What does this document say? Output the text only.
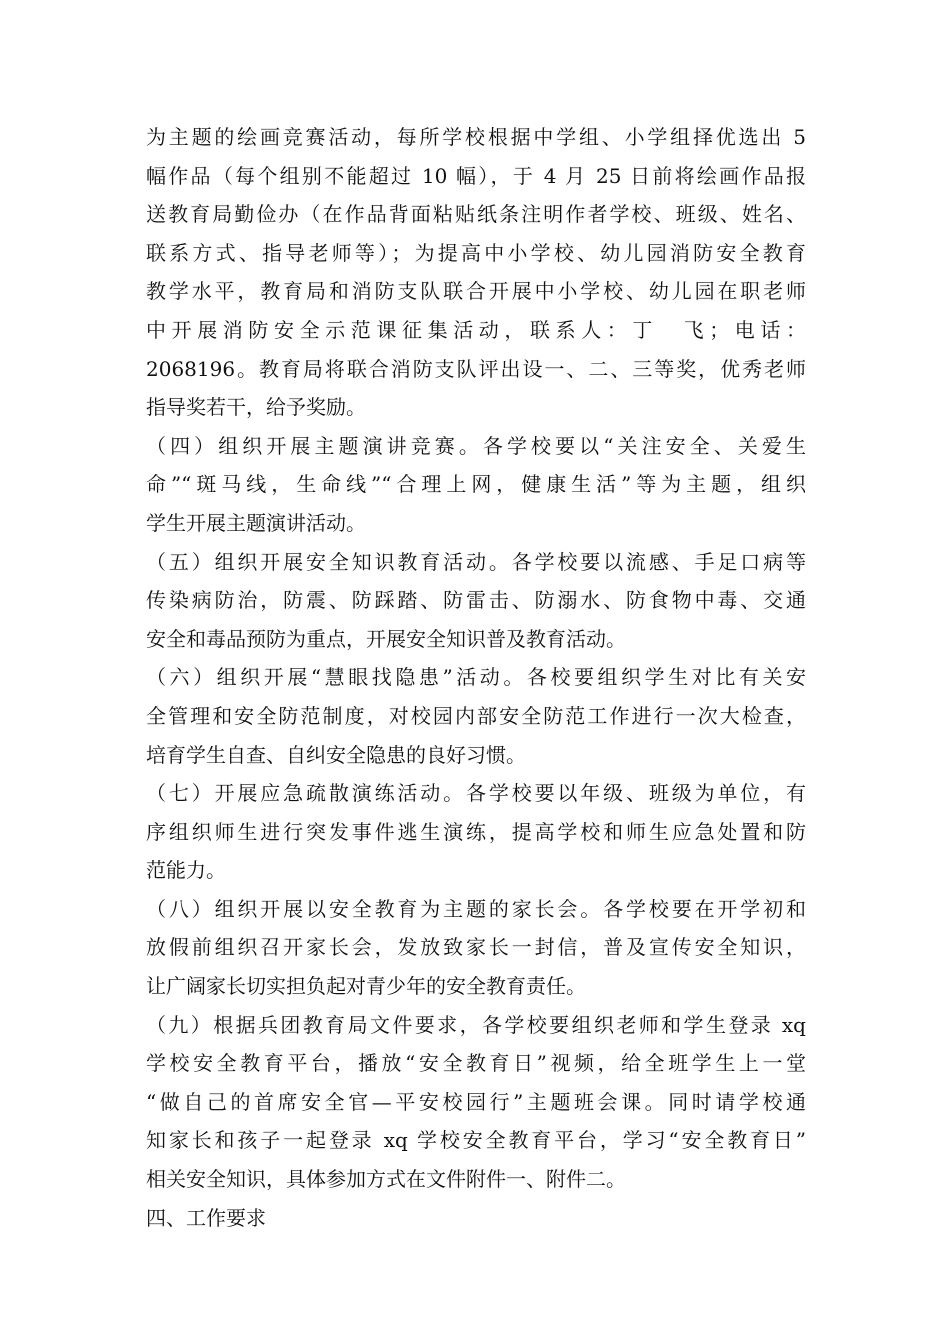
为主题的绘画竞赛活动，每所学校根据中学组、小学组择优选出 5
幅作品（每个组别不能超过 10 幅），于 4 月 25 日前将绘画作品报
送教育局勤俭办（在作品背面粘贴纸条注明作者学校、班级、姓名、
联系方式、指导老师等）；为提高中小学校、幼儿园消防安全教育
教学水平，教育局和消防支队联合开展中小学校、幼儿园在职老师
中开展消防安全示范课征集活动，联系人：丁　飞；电话：
2068196。教育局将联合消防支队评出设一、二、三等奖，优秀老师
指导奖若干，给予奖励。
（四）组织开展主题演讲竞赛。各学校要以“关注安全、关爱生
命”“斑马线，生命线”“合理上网，健康生活”等为主题，组织
学生开展主题演讲活动。
（五）组织开展安全知识教育活动。各学校要以流感、手足口病等
传染病防治，防震、防踩踏、防雷击、防溺水、防食物中毒、交通
安全和毒品预防为重点，开展安全知识普及教育活动。
（六）组织开展“慧眼找隐患”活动。各校要组织学生对比有关安
全管理和安全防范制度，对校园内部安全防范工作进行一次大检查，
培育学生自查、自纠安全隐患的良好习惯。
（七）开展应急疏散演练活动。各学校要以年级、班级为单位，有
序组织师生进行突发事件逃生演练，提高学校和师生应急处置和防
范能力。
（八）组织开展以安全教育为主题的家长会。各学校要在开学初和
放假前组织召开家长会，发放致家长一封信，普及宣传安全知识，
让广阔家长切实担负起对青少年的安全教育责任。
（九）根据兵团教育局文件要求，各学校要组织老师和学生登录 xq
学校安全教育平台，播放“安全教育日”视频，给全班学生上一堂
“做自己的首席安全官—平安校园行”主题班会课。同时请学校通
知家长和孩子一起登录 xq 学校安全教育平台，学习“安全教育日”
相关安全知识，具体参加方式在文件附件一、附件二。
四、工作要求
